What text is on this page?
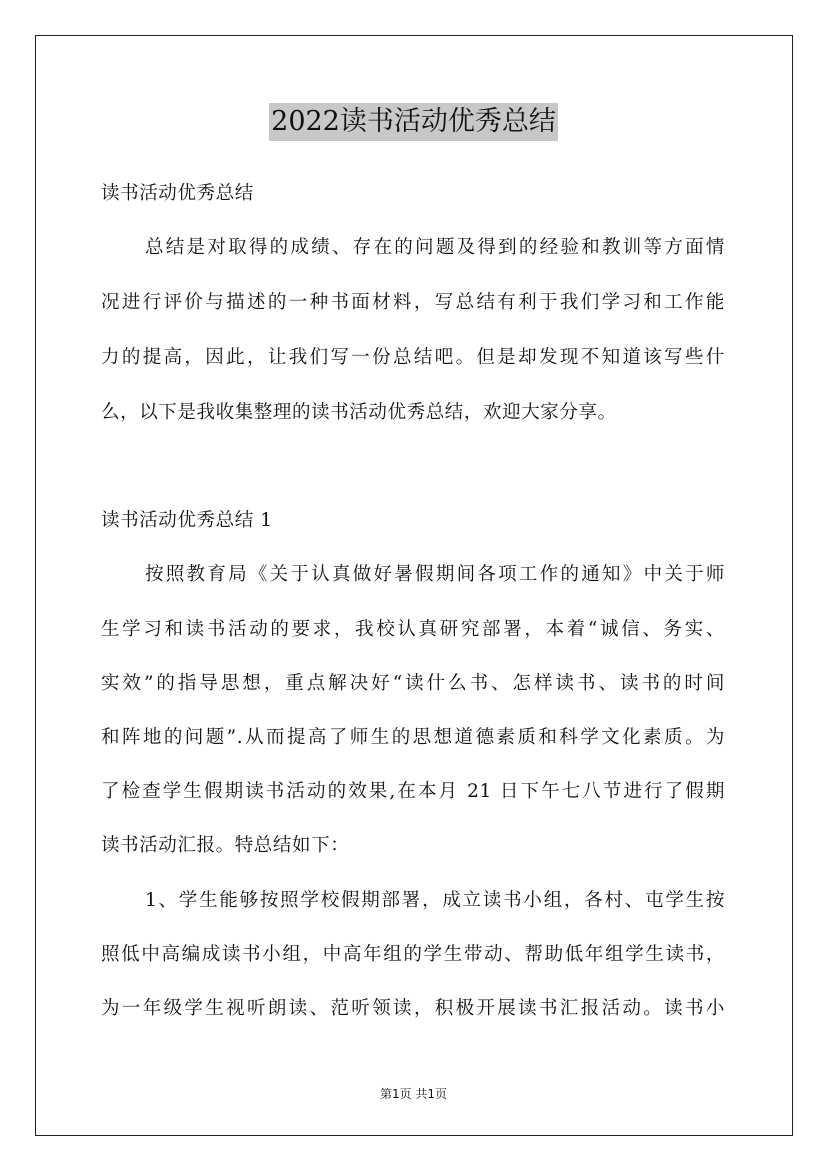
2022读书活动优秀总结
读书活动优秀总结
总结是对取得的成绩、存在的问题及得到的经验和教训等方面情
况进行评价与描述的一种书面材料，写总结有利于我们学习和工作能
力的提高，因此，让我们写一份总结吧。但是却发现不知道该写些什
么，以下是我收集整理的读书活动优秀总结，欢迎大家分享。
读书活动优秀总结 1
按照教育局《关于认真做好暑假期间各项工作的通知》中关于师
生学习和读书活动的要求，我校认真研究部署，本着“诚信、务实、
实效”的指导思想，重点解决好“读什么书、怎样读书、读书的时间
和阵地的问题”.从而提高了师生的思想道德素质和科学文化素质。为
了检查学生假期读书活动的效果,在本月 21 日下午七八节进行了假期
读书活动汇报。特总结如下：
1、学生能够按照学校假期部署，成立读书小组，各村、屯学生按
照低中高编成读书小组，中高年组的学生带动、帮助低年组学生读书，
为一年级学生视听朗读、范听领读，积极开展读书汇报活动。读书小
第1页 共1页
